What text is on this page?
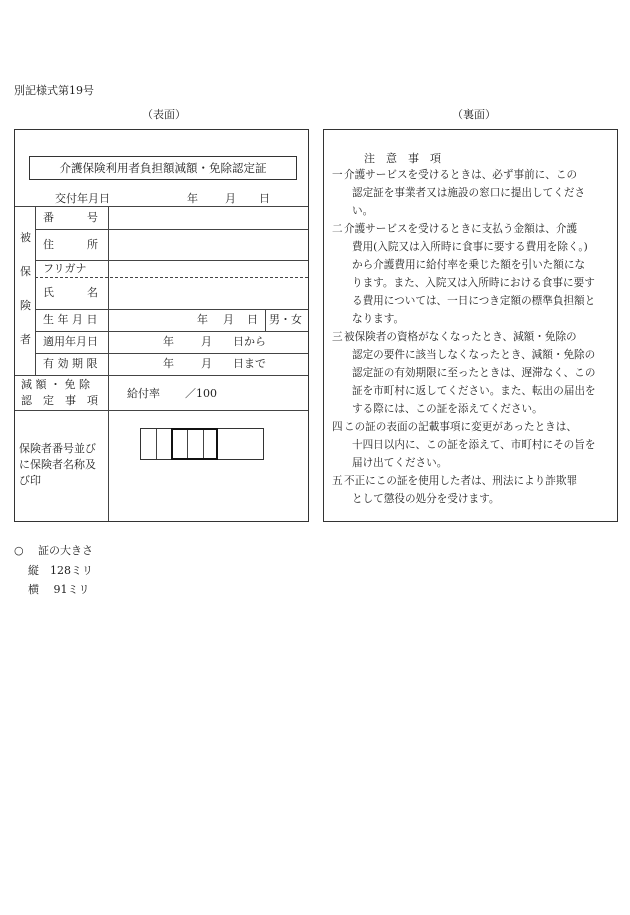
別記様式第19号
（表面）	（裏面）
介護保険利用者負担額減額・免除認定証
交付年月日	年 月 日
被
保
険
者
番　　　号
住　　　所
フリガナ
氏　　　名
生 年 月 日
適用年月日
有 効 期 限
年 月 日 男・女
年 月 日から
年 月 日まで
減 額 ・ 免 除
認　定　事　項
給付率 ／100
保険者番号並び
に保険者名称及
び印
注　意　事　項
一 介護サービスを受けるときは、必ず事前に、この
認定証を事業者又は施設の窓口に提出してくださ
い。
二 介護サービスを受けるときに支払う金額は、介護
費用(入院又は入所時に食事に要する費用を除く。)
から介護費用に給付率を乗じた額を引いた額にな
ります。また、入院又は入所時における食事に要す
る費用については、一日につき定額の標準負担額と
なります。
三 被保険者の資格がなくなったとき、減額・免除の
認定の要件に該当しなくなったとき、減額・免除の
認定証の有効期限に至ったときは、遅滞なく、この
証を市町村に返してください。また、転出の届出を
する際には、この証を添えてください。
四 この証の表面の記載事項に変更があったときは、
十四日以内に、この証を添えて、市町村にその旨を
届け出てください。
五 不正にこの証を使用した者は、刑法により詐欺罪
として懲役の処分を受けます。
○ 証の大きさ
縦　128ミリ
横　 91ミリ
